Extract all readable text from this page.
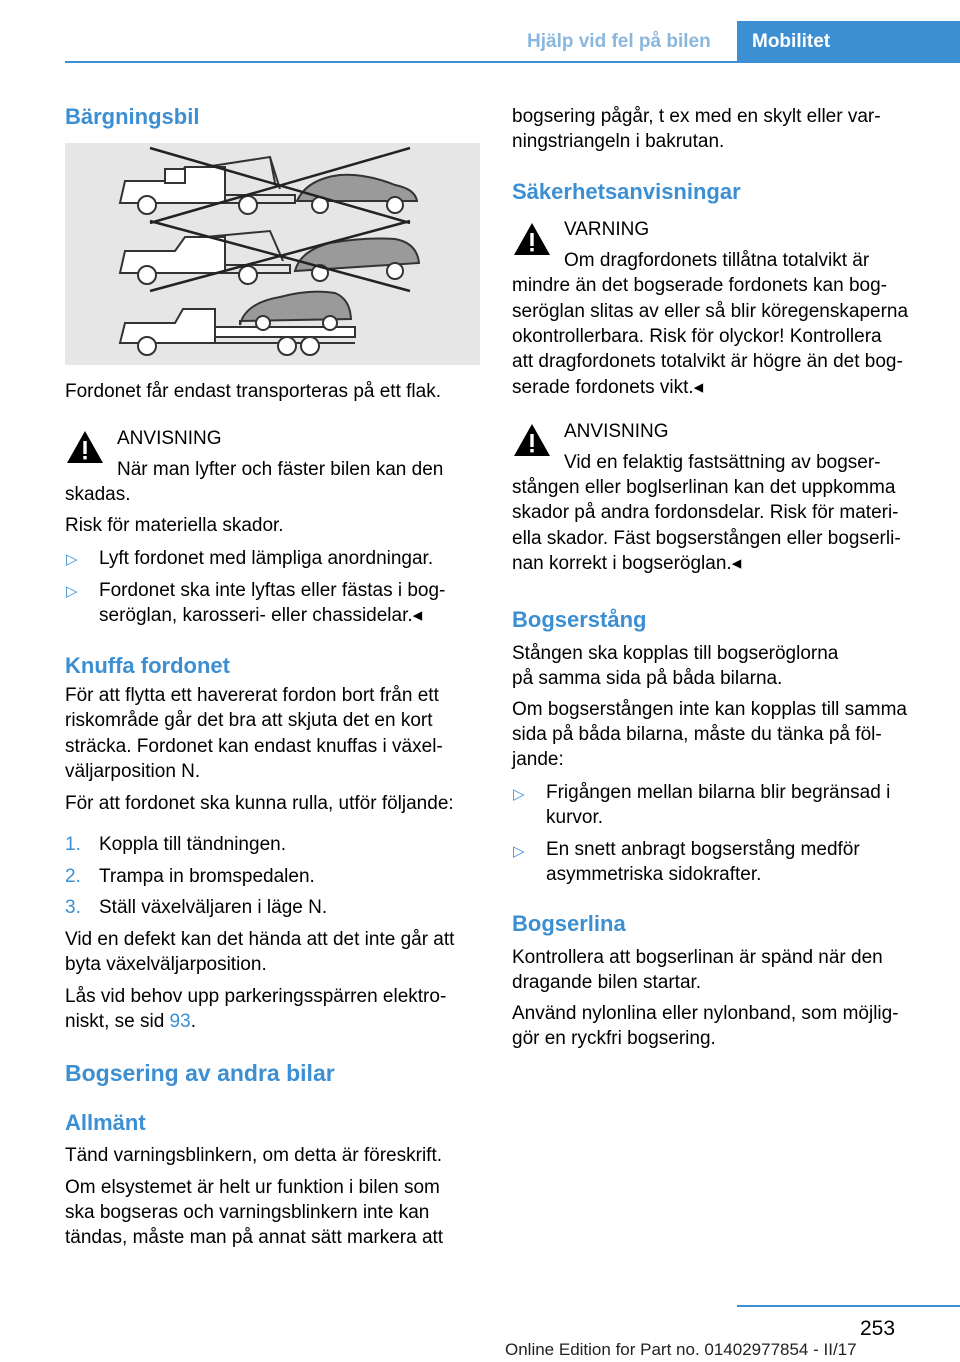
Hjälp vid fel på bilen Mobilitet
Bärgningsbil

Fordonet får endast transporteras på ett flak.

ANVISNING

När man lyfter och fäster bilen kan den

skadas.

Risk för materiella skador.

▷ Lyft fordonet med lämpliga anordningar.

▷ Fordonet ska inte lyftas eller fästas i bog-

seröglan, karosseri- eller chassidelar.◂

Knuffa fordonet

För att flytta ett havererat fordon bort från ett

riskområde går det bra att skjuta det en kort

sträcka. Fordonet kan endast knuffas i växel-

väljarposition N.

För att fordonet ska kunna rulla, utför följande:

1. Koppla till tändningen.

2. Trampa in bromspedalen.

3. Ställ växelväljaren i läge N.

Vid en defekt kan det hända att det inte går att

byta växelväljarposition.

Lås vid behov upp parkeringsspärren elektro-

niskt, se sid 93.

Bogsering av andra bilar
Allmänt

Tänd varningsblinkern, om detta är föreskrift.

Om elsystemet är helt ur funktion i bilen som

ska bogseras och varningsblinkern inte kan

tändas, måste man på annat sätt markera att

bogsering pågår, t ex med en skylt eller var-

ningstriangeln i bakrutan.

Säkerhetsanvisningar

VARNING

Om dragfordonets tillåtna totalvikt är

mindre än det bogserade fordonets kan bog-

seröglan slitas av eller så blir köregenskaperna

okontrollerbara. Risk för olyckor! Kontrollera

att dragfordonets totalvikt är högre än det bog-

serade fordonets vikt.◂

ANVISNING

Vid en felaktig fastsättning av bogser-

stången eller boglserlinan kan det uppkomma

skador på andra fordonsdelar. Risk för materi-

ella skador. Fäst bogserstången eller bogserli-

nan korrekt i bogseröglan.◂

Bogserstång

Stången ska kopplas till bogseröglorna

på samma sida på båda bilarna.

Om bogserstången inte kan kopplas till samma

sida på båda bilarna, måste du tänka på föl-

jande:

▷ Frigången mellan bilarna blir begränsad i

kurvor.

▷ En snett anbragt bogserstång medför

asymmetriska sidokrafter.

Bogserlina

Kontrollera att bogserlinan är spänd när den

dragande bilen startar.

Använd nylonlina eller nylonband, som möjlig-

gör en ryckfri bogsering.

253
Online Edition for Part no. 01402977854 - II/17
